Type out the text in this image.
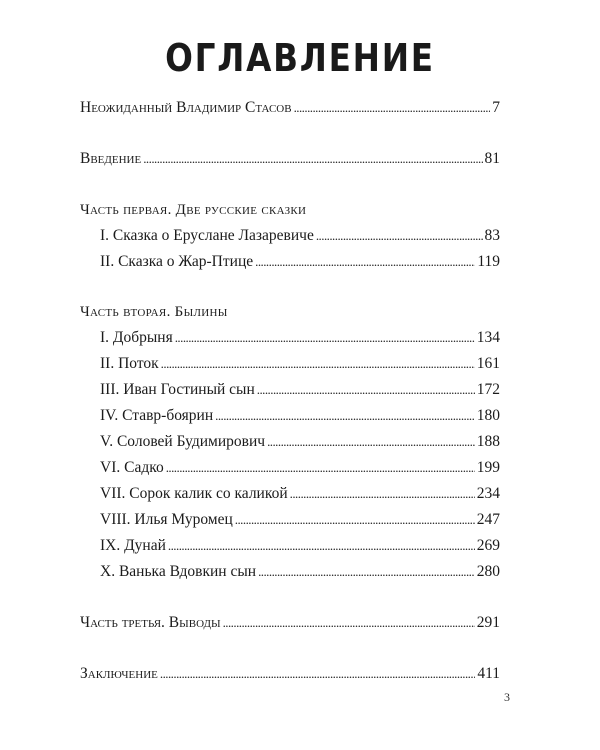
ОГЛАВЛЕНИЕ
Неожиданный Владимир Стасов . . .	7
Введение . . .	81
Часть первая. Две русские сказки
I. Сказка о Еруслане Лазаревиче . . .	83
II. Сказка о Жар-Птице . . .	119
Часть вторая. Былины
I. Добрыня . . .	134
II. Поток . . .	161
III. Иван Гостиный сын . . .	172
IV. Ставр-боярин . . .	180
V. Соловей Будимирович . . .	188
VI. Садко . . .	199
VII. Сорок калик со каликой . . .	234
VIII. Илья Муромец . . .	247
IX. Дунай . . .	269
X. Ванька Вдовкин сын . . .	280
Часть третья. Выводы . . .	291
Заключение . . .	411
3
